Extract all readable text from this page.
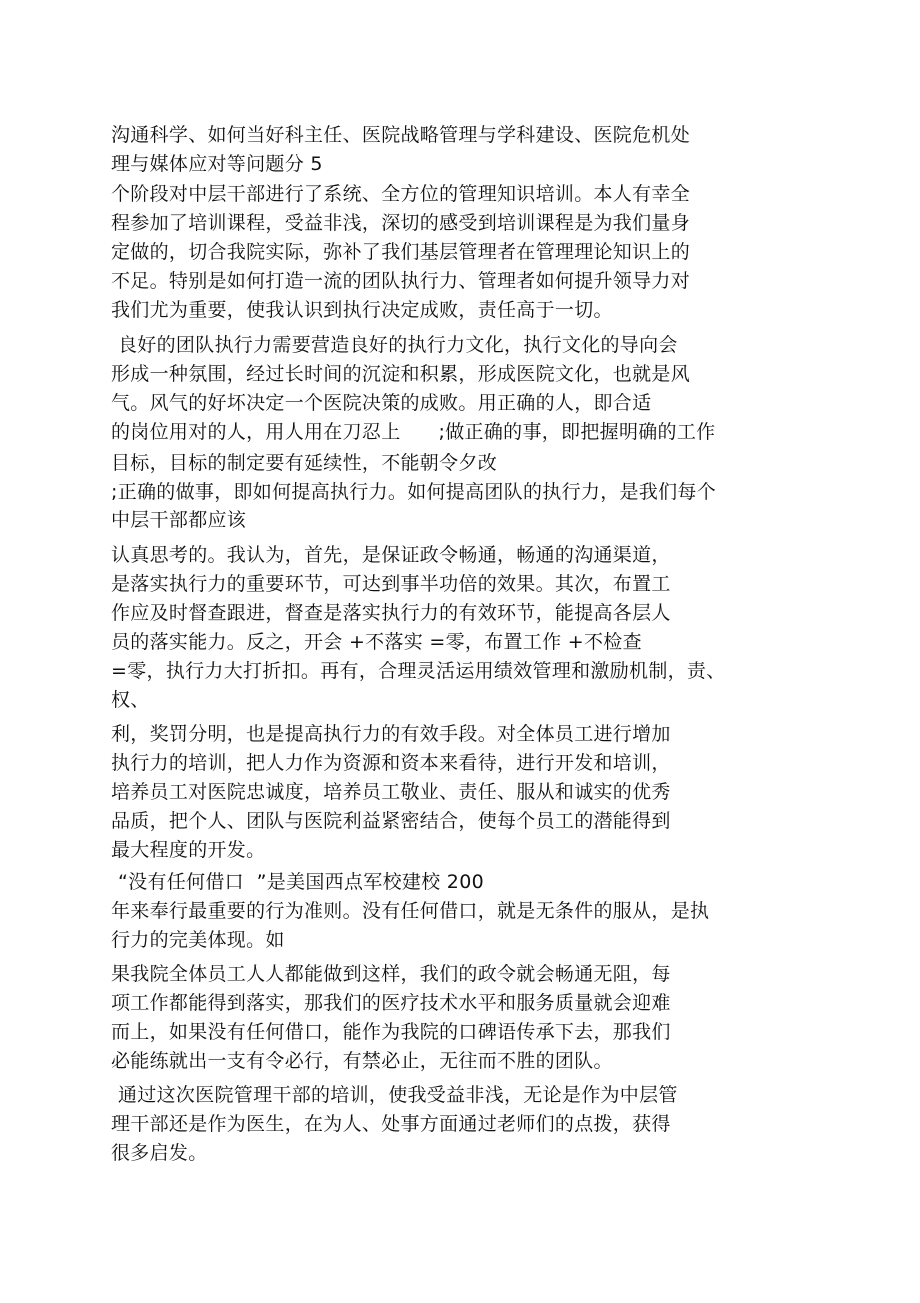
沟通科学、如何当好科主任、医院战略管理与学科建设、医院危机处
理与媒体应对等问题分 5
个阶段对中层干部进行了系统、全方位的管理知识培训。本人有幸全
程参加了培训课程，受益非浅，深切的感受到培训课程是为我们量身
定做的，切合我院实际，弥补了我们基层管理者在管理理论知识上的
不足。特别是如何打造一流的团队执行力、管理者如何提升领导力对
我们尤为重要，使我认识到执行决定成败，责任高于一切。
良好的团队执行力需要营造良好的执行力文化，执行文化的导向会
形成一种氛围，经过长时间的沉淀和积累，形成医院文化，也就是风
气。风气的好坏决定一个医院决策的成败。用正确的人，即合适
的岗位用对的人，用人用在刀忍上      ;做正确的事，即把握明确的工作
目标，目标的制定要有延续性，不能朝令夕改
;正确的做事，即如何提高执行力。如何提高团队的执行力，是我们每个
中层干部都应该
认真思考的。我认为，首先，是保证政令畅通，畅通的沟通渠道，
是落实执行力的重要环节，可达到事半功倍的效果。其次，布置工
作应及时督查跟进，督查是落实执行力的有效环节，能提高各层人
员的落实能力。反之，开会 +不落实 =零，布置工作 +不检查
=零，执行力大打折扣。再有，合理灵活运用绩效管理和激励机制，责、
权、
利，奖罚分明，也是提高执行力的有效手段。对全体员工进行增加
执行力的培训，把人力作为资源和资本来看待，进行开发和培训，
培养员工对医院忠诚度，培养员工敬业、责任、服从和诚实的优秀
品质，把个人、团队与医院利益紧密结合，使每个员工的潜能得到
最大程度的开发。
“没有任何借口  ”是美国西点军校建校 200
年来奉行最重要的行为准则。没有任何借口，就是无条件的服从，是执
行力的完美体现。如
果我院全体员工人人都能做到这样，我们的政令就会畅通无阻，每
项工作都能得到落实，那我们的医疗技术水平和服务质量就会迎难
而上，如果没有任何借口，能作为我院的口碑语传承下去，那我们
必能练就出一支有令必行，有禁必止，无往而不胜的团队。
通过这次医院管理干部的培训，使我受益非浅，无论是作为中层管
理干部还是作为医生，在为人、处事方面通过老师们的点拨，获得
很多启发。
